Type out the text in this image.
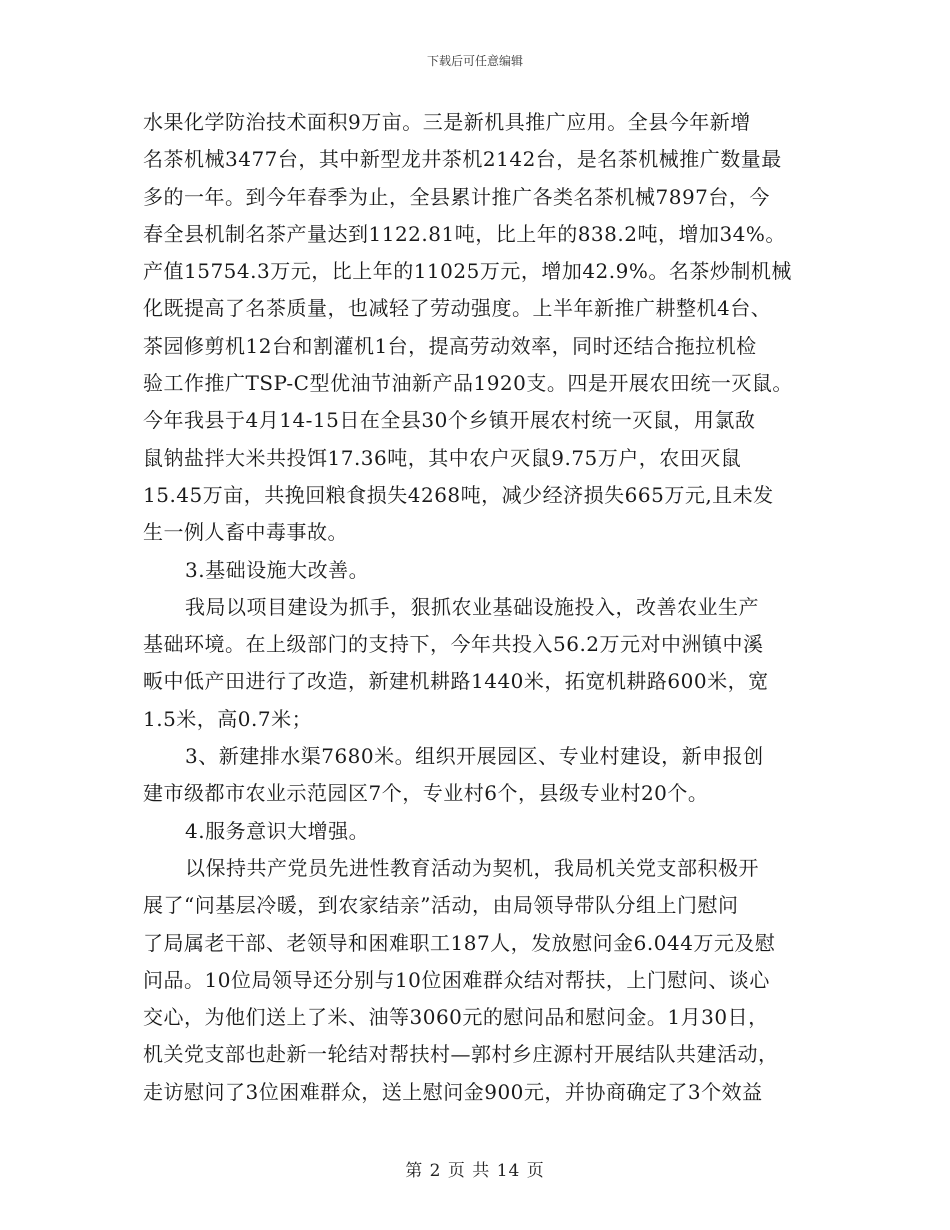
下载后可任意编辑
水果化学防治技术面积9万亩。三是新机具推广应用。全县今年新增
名茶机械3477台，其中新型龙井茶机2142台，是名茶机械推广数量最
多的一年。到今年春季为止，全县累计推广各类名茶机械7897台，今
春全县机制名茶产量达到1122.81吨，比上年的838.2吨，增加34%。
产值15754.3万元，比上年的11025万元，增加42.9%。名茶炒制机械
化既提高了名茶质量，也减轻了劳动强度。上半年新推广耕整机4台、
茶园修剪机12台和割灌机1台，提高劳动效率，同时还结合拖拉机检
验工作推广TSP-C型优油节油新产品1920支。四是开展农田统一灭鼠。
今年我县于4月14-15日在全县30个乡镇开展农村统一灭鼠，用氯敌
鼠钠盐拌大米共投饵17.36吨，其中农户灭鼠9.75万户，农田灭鼠
15.45万亩，共挽回粮食损失4268吨，减少经济损失665万元,且未发
生一例人畜中毒事故。
3.基础设施大改善。
我局以项目建设为抓手，狠抓农业基础设施投入，改善农业生产
基础环境。在上级部门的支持下，今年共投入56.2万元对中洲镇中溪
畈中低产田进行了改造，新建机耕路1440米，拓宽机耕路600米，宽
1.5米，高0.7米；
3、新建排水渠7680米。组织开展园区、专业村建设，新申报创
建市级都市农业示范园区7个，专业村6个，县级专业村20个。
4.服务意识大增强。
以保持共产党员先进性教育活动为契机，我局机关党支部积极开
展了“问基层冷暖，到农家结亲”活动，由局领导带队分组上门慰问
了局属老干部、老领导和困难职工187人，发放慰问金6.044万元及慰
问品。10位局领导还分别与10位困难群众结对帮扶，上门慰问、谈心
交心，为他们送上了米、油等3060元的慰问品和慰问金。1月30日，
机关党支部也赴新一轮结对帮扶村—郭村乡庄源村开展结队共建活动，
走访慰问了3位困难群众，送上慰问金900元，并协商确定了3个效益
第 2 页 共 14 页
